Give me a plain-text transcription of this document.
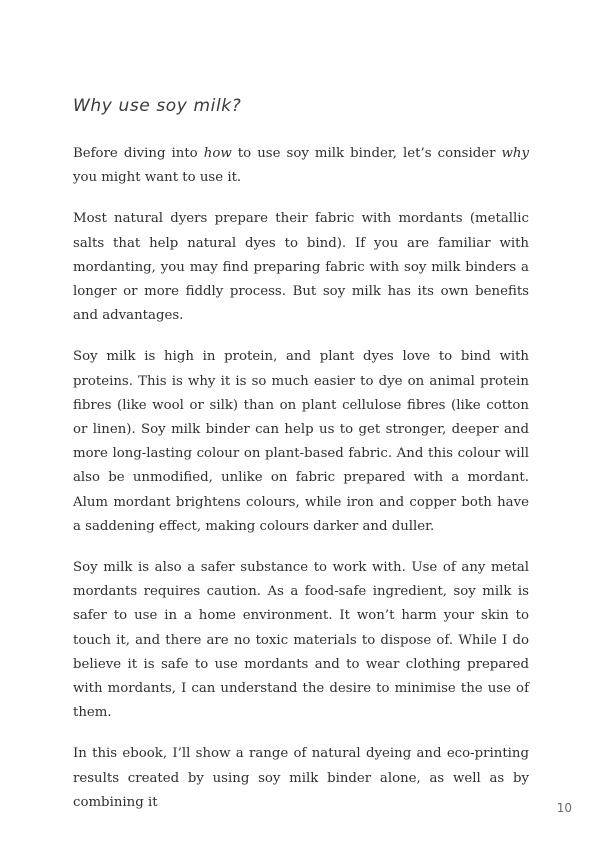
Why use soy milk?

Before diving into how to use soy milk binder, let’s consider why you might want to use it.

Most natural dyers prepare their fabric with mordants (metallic salts that help natural dyes to bind). If you are familiar with mordanting, you may find preparing fabric with soy milk binders a longer or more fiddly process. But soy milk has its own benefits and advantages.

Soy milk is high in protein, and plant dyes love to bind with proteins. This is why it is so much easier to dye on animal protein fibres (like wool or silk) than on plant cellulose fibres (like cotton or linen). Soy milk binder can help us to get stronger, deeper and more long-lasting colour on plant-based fabric. And this colour will also be unmodified, unlike on fabric prepared with a mordant. Alum mordant brightens colours, while iron and copper both have a saddening effect, making colours darker and duller.

Soy milk is also a safer substance to work with. Use of any metal mordants requires caution. As a food-safe ingredient, soy milk is safer to use in a home environment. It won’t harm your skin to touch it, and there are no toxic materials to dispose of. While I do believe it is safe to use mordants and to wear clothing prepared with mordants, I can understand the desire to minimise the use of them.

In this ebook, I’ll show a range of natural dyeing and eco-printing results created by using soy milk binder alone, as well as by combining it	10
